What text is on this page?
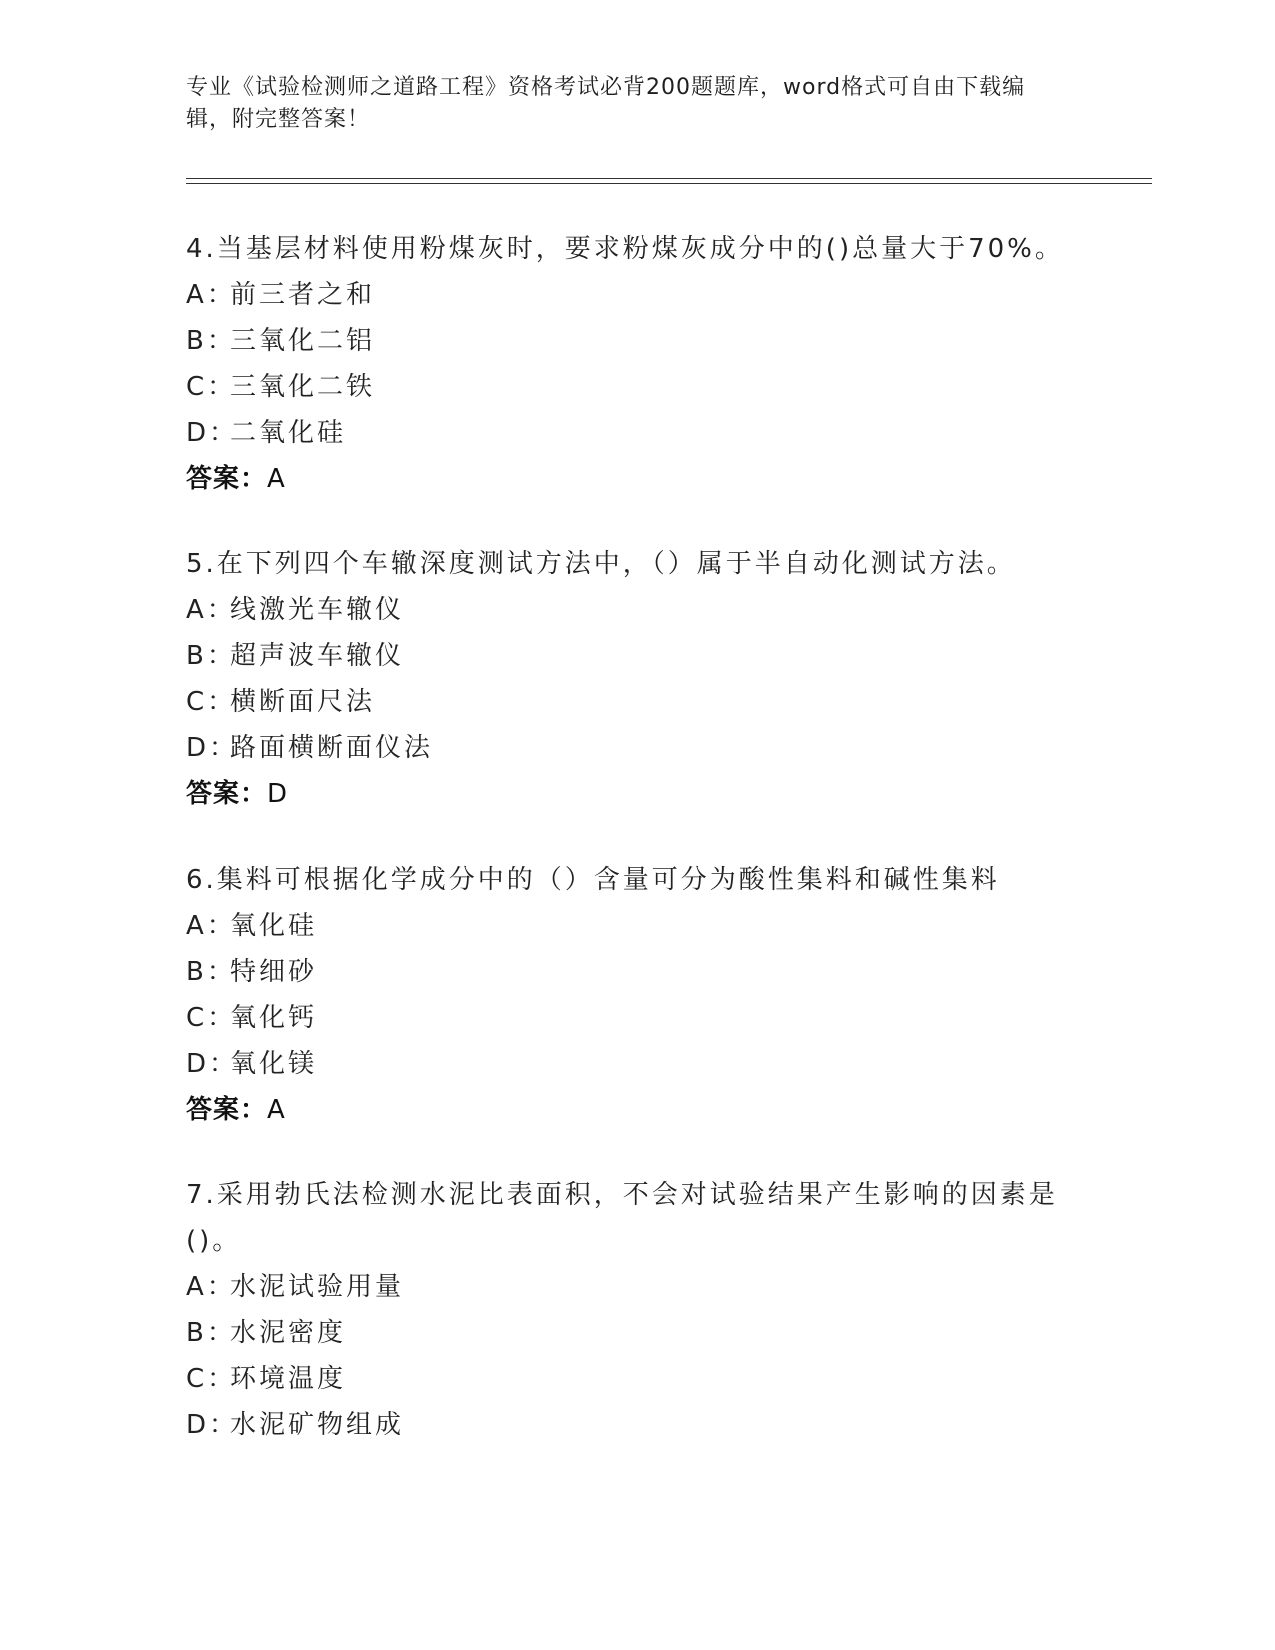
专业《试验检测师之道路工程》资格考试必背200题题库，word格式可自由下载编辑，附完整答案！

4.当基层材料使用粉煤灰时，要求粉煤灰成分中的()总量大于70%。

A：前三者之和
B：三氧化二铝
C：三氧化二铁
D：二氧化硅
答案：A

5.在下列四个车辙深度测试方法中，（）属于半自动化测试方法。

A：线激光车辙仪
B：超声波车辙仪
C：横断面尺法
D：路面横断面仪法
答案：D

6.集料可根据化学成分中的（）含量可分为酸性集料和碱性集料

A：氧化硅
B：特细砂
C：氧化钙
D：氧化镁
答案：A

7.采用勃氏法检测水泥比表面积，不会对试验结果产生影响的因素是()。

A：水泥试验用量
B：水泥密度
C：环境温度
D：水泥矿物组成
